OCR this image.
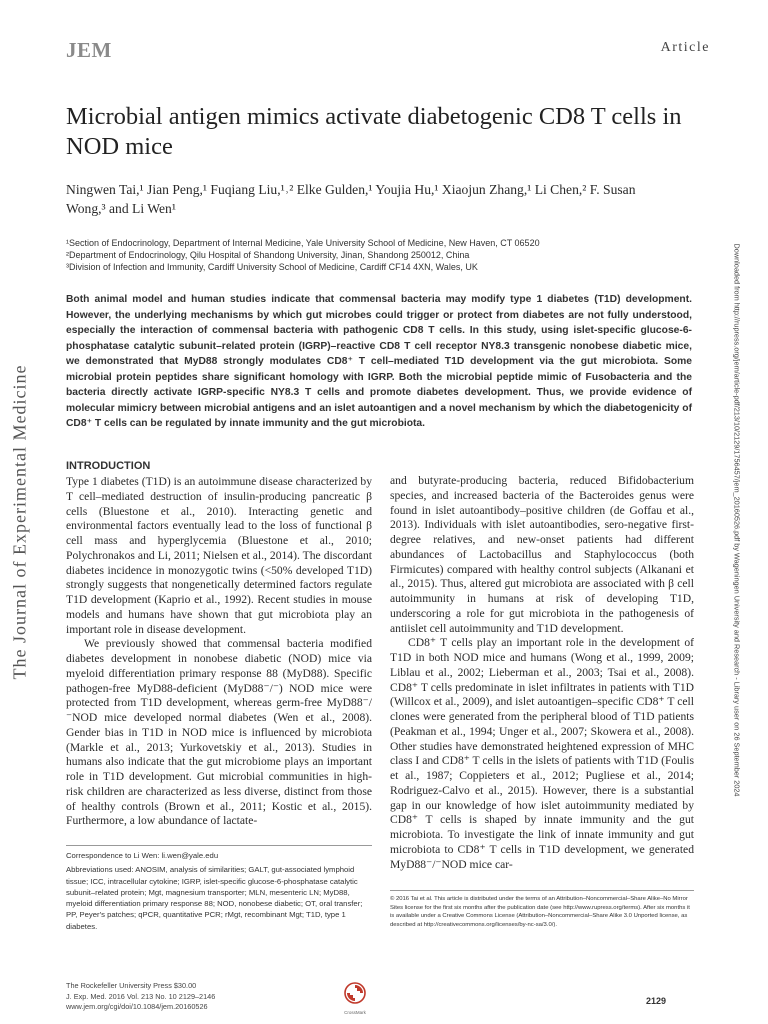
JEM	Article
Microbial antigen mimics activate diabetogenic CD8 T cells in NOD mice
Ningwen Tai,¹ Jian Peng,¹ Fuqiang Liu,¹˒² Elke Gulden,¹ Youjia Hu,¹ Xiaojun Zhang,¹ Li Chen,² F. Susan Wong,³ and Li Wen¹
¹Section of Endocrinology, Department of Internal Medicine, Yale University School of Medicine, New Haven, CT 06520
²Department of Endocrinology, Qilu Hospital of Shandong University, Jinan, Shandong 250012, China
³Division of Infection and Immunity, Cardiff University School of Medicine, Cardiff CF14 4XN, Wales, UK
Both animal model and human studies indicate that commensal bacteria may modify type 1 diabetes (T1D) development. However, the underlying mechanisms by which gut microbes could trigger or protect from diabetes are not fully understood, especially the interaction of commensal bacteria with pathogenic CD8 T cells. In this study, using islet-specific glucose-6-phosphatase catalytic subunit–related protein (IGRP)–reactive CD8 T cell receptor NY8.3 transgenic nonobese diabetic mice, we demonstrated that MyD88 strongly modulates CD8⁺ T cell–mediated T1D development via the gut microbiota. Some microbial protein peptides share significant homology with IGRP. Both the microbial peptide mimic of Fusobacteria and the bacteria directly activate IGRP-specific NY8.3 T cells and promote diabetes development. Thus, we provide evidence of molecular mimicry between microbial antigens and an islet autoantigen and a novel mechanism by which the diabetogenicity of CD8⁺ T cells can be regulated by innate immunity and the gut microbiota.
The Journal of Experimental Medicine	Downloaded from http://rupress.org/jem/article-pdf/213/10/2129/1756457/jem_20160526.pdf by Wageningen University and Research - Library user on 26 September 2024
INTRODUCTION

Type 1 diabetes (T1D) is an autoimmune disease characterized by T cell–mediated destruction of insulin-producing pancreatic β cells (Bluestone et al., 2010). Interacting genetic and environmental factors eventually lead to the loss of functional β cell mass and hyperglycemia (Bluestone et al., 2010; Polychronakos and Li, 2011; Nielsen et al., 2014). The discordant diabetes incidence in monozygotic twins (<50% developed T1D) strongly suggests that nongenetically determined factors regulate T1D development (Kaprio et al., 1992). Recent studies in mouse models and humans have shown that gut microbiota play an important role in disease development.

We previously showed that commensal bacteria modified diabetes development in nonobese diabetic (NOD) mice via myeloid differentiation primary response 88 (MyD88). Specific pathogen-free MyD88-deficient (MyD88⁻/⁻) NOD mice were protected from T1D development, whereas germ-free MyD88⁻/⁻NOD mice developed normal diabetes (Wen et al., 2008). Gender bias in T1D in NOD mice is influenced by microbiota (Markle et al., 2013; Yurkovetskiy et al., 2013). Studies in humans also indicate that the gut microbiome plays an important role in T1D development. Gut microbial communities in high-risk children are characterized as less diverse, distinct from those of healthy controls (Brown et al., 2011; Kostic et al., 2015). Furthermore, a low abundance of lactate-

and butyrate-producing bacteria, reduced Bifidobacterium species, and increased bacteria of the Bacteroides genus were found in islet autoantibody–positive children (de Goffau et al., 2013). Individuals with islet autoantibodies, sero-negative first-degree relatives, and new-onset patients had different abundances of Lactobacillus and Staphylococcus (both Firmicutes) compared with healthy control subjects (Alkanani et al., 2015). Thus, altered gut microbiota are associated with β cell autoimmunity in humans at risk of developing T1D, underscoring a role for gut microbiota in the pathogenesis of antiislet cell autoimmunity and T1D development.

CD8⁺ T cells play an important role in the development of T1D in both NOD mice and humans (Wong et al., 1999, 2009; Liblau et al., 2002; Lieberman et al., 2003; Tsai et al., 2008). CD8⁺ T cells predominate in islet infiltrates in patients with T1D (Willcox et al., 2009), and islet autoantigen–specific CD8⁺ T cell clones were generated from the peripheral blood of T1D patients (Peakman et al., 1994; Unger et al., 2007; Skowera et al., 2008). Other studies have demonstrated heightened expression of MHC class I and CD8⁺ T cells in the islets of patients with T1D (Foulis et al., 1987; Coppieters et al., 2012; Pugliese et al., 2014; Rodriguez-Calvo et al., 2015). However, there is a substantial gap in our knowledge of how islet autoimmunity mediated by CD8⁺ T cells is shaped by innate immunity and the gut microbiota. To investigate the link of innate immunity and gut microbiota to CD8⁺ T cells in T1D development, we generated MyD88⁻/⁻NOD mice car-

Correspondence to Li Wen: li.wen@yale.edu

Abbreviations used: ANOSIM, analysis of similarities; GALT, gut-associated lymphoid tissue; ICC, intracellular cytokine; IGRP, islet-specific glucose-6-phosphatase catalytic subunit–related protein; Mgt, magnesium transporter; MLN, mesenteric LN; MyD88, myeloid differentiation primary response 88; NOD, nonobese diabetic; OT, oral transfer; PP, Peyer's patches; qPCR, quantitative PCR; rMgt, recombinant Mgt; T1D, type 1 diabetes.

© 2016 Tai et al. This article is distributed under the terms of an Attribution–Noncommercial–Share Alike–No Mirror Sites license for the first six months after the publication date (see http://www.rupress.org/terms). After six months it is available under a Creative Commons License (Attribution–Noncommercial–Share Alike 3.0 Unported license, as described at http://creativecommons.org/licenses/by-nc-sa/3.0/).
The Rockefeller University Press $30.00
J. Exp. Med. 2016 Vol. 213 No. 10 2129–2146
www.jem.org/cgi/doi/10.1084/jem.20160526
CrossMark
2129
